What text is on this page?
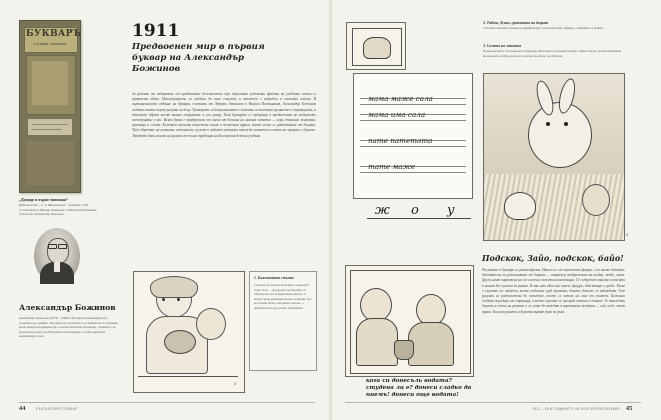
БУКВАРЪ
и първа читанка
„Буквар и първа читанка“
Издателство „С. Т. Мотовилков“, Пловдив, 1911. Съставители Здравко Атанасов и Никола Пелтинаков, художник Александър Божинов.
Александър Божинов
Александър Божинов (1878 – 1968) е български карикатурист, живописец и график. По време на учението си в Германия се проявява като автор на карикатури в политическите вестници. Смятан е за основоположник на детската илюстрация и на българската карикатура у нас.
1911
Предвоенен мир в първия буквар на Александър Божинов
За разлика от изданията от предишните десетилетия тук изкусният художник придава на учебника светъл и приветлив облик. Илюстрациите са сведени до ясни силуети, а текстът е подреден в спокойни колони. В първоначалното издание на буквара, съставен от Здравко Атанасов и Никола Пелтинаков, Александър Божинов създава своите първи рисунки за деца. Гравюрите и декоративните елементи са вплетени органично в страницата, а детските образи носят наивно очарование и лек хумор. Така букварът се превръща в предвестник на модерното илюстриране у нас. Всяка буква е придружена от сцена от делника на малкия читател — игри, домашни животни, празници и сезони. Божинов използва изчистена линия и пестеливи щрихи, които лесно се разпознават от децата. Чрез образите на котката, кокошката, кучето и зайчето авторът въвежда читателя в света на звуците и думите. Творбата дава основа на цялата по-късна традиция на българския детски учебник.
3
1. Божиновата стъпка
Стъпка по стъпка Божинов изгражда свой стил — фигурите на децата са обрамчени от декоративни рамки, а всяка сцена разказва малка история. Тук виждаме дете, обгърнало котка, и приятелчето му, което наблюдава.
44	БЪЛГАРСКИЯТ БУКВАР
мама маже сала
мама има сала
пате патетата
тате маже
ж о у
2. Табели, букви, граматика на децата
Ученият читател открива шрифтовете и ръкописните образци, подредени в редове.
3. Силата на линията
В ръкописните и печатните страници Божинов съчетава плътни и фини линии, които придават на книгата особен ритъм и лекота за окото на детето.
3
Подскок, Зайо, подскок, байо!
Рисунките в буквара са разнообразни. Някои са с по-простички форми, с по-малко детайли, достатъчни за разпознаване от децата — например изображения на шейна, жаба, чаша. Други имат характера на по-сложна сюжетна композиция. Те съдържат няколко елемента и могат да служат за разказ. В тях има една или повече фигури, действащи в среда. Такъв е случаят със зайчето, което подскача сред тревата, докато детето го наблюдава. Тези рисунки са разположени до текстове, които се четат на глас от учителя. Божинов създава поредица от страници, в които героите се срещат отново и отново. Те въвеждат децата в света на разказа и ги учат да виждат в картината история — кой, къде, какво прави. Така рисунката и думата вървят ръка за ръка.
кога си донесъль водата? студена ли е? донеси сладко да пиемъ! донеси още водата!
1911 – КЪМ ГОДИНИТЕ НА БЪЛГАРСКИЯ БУКВАР 45
